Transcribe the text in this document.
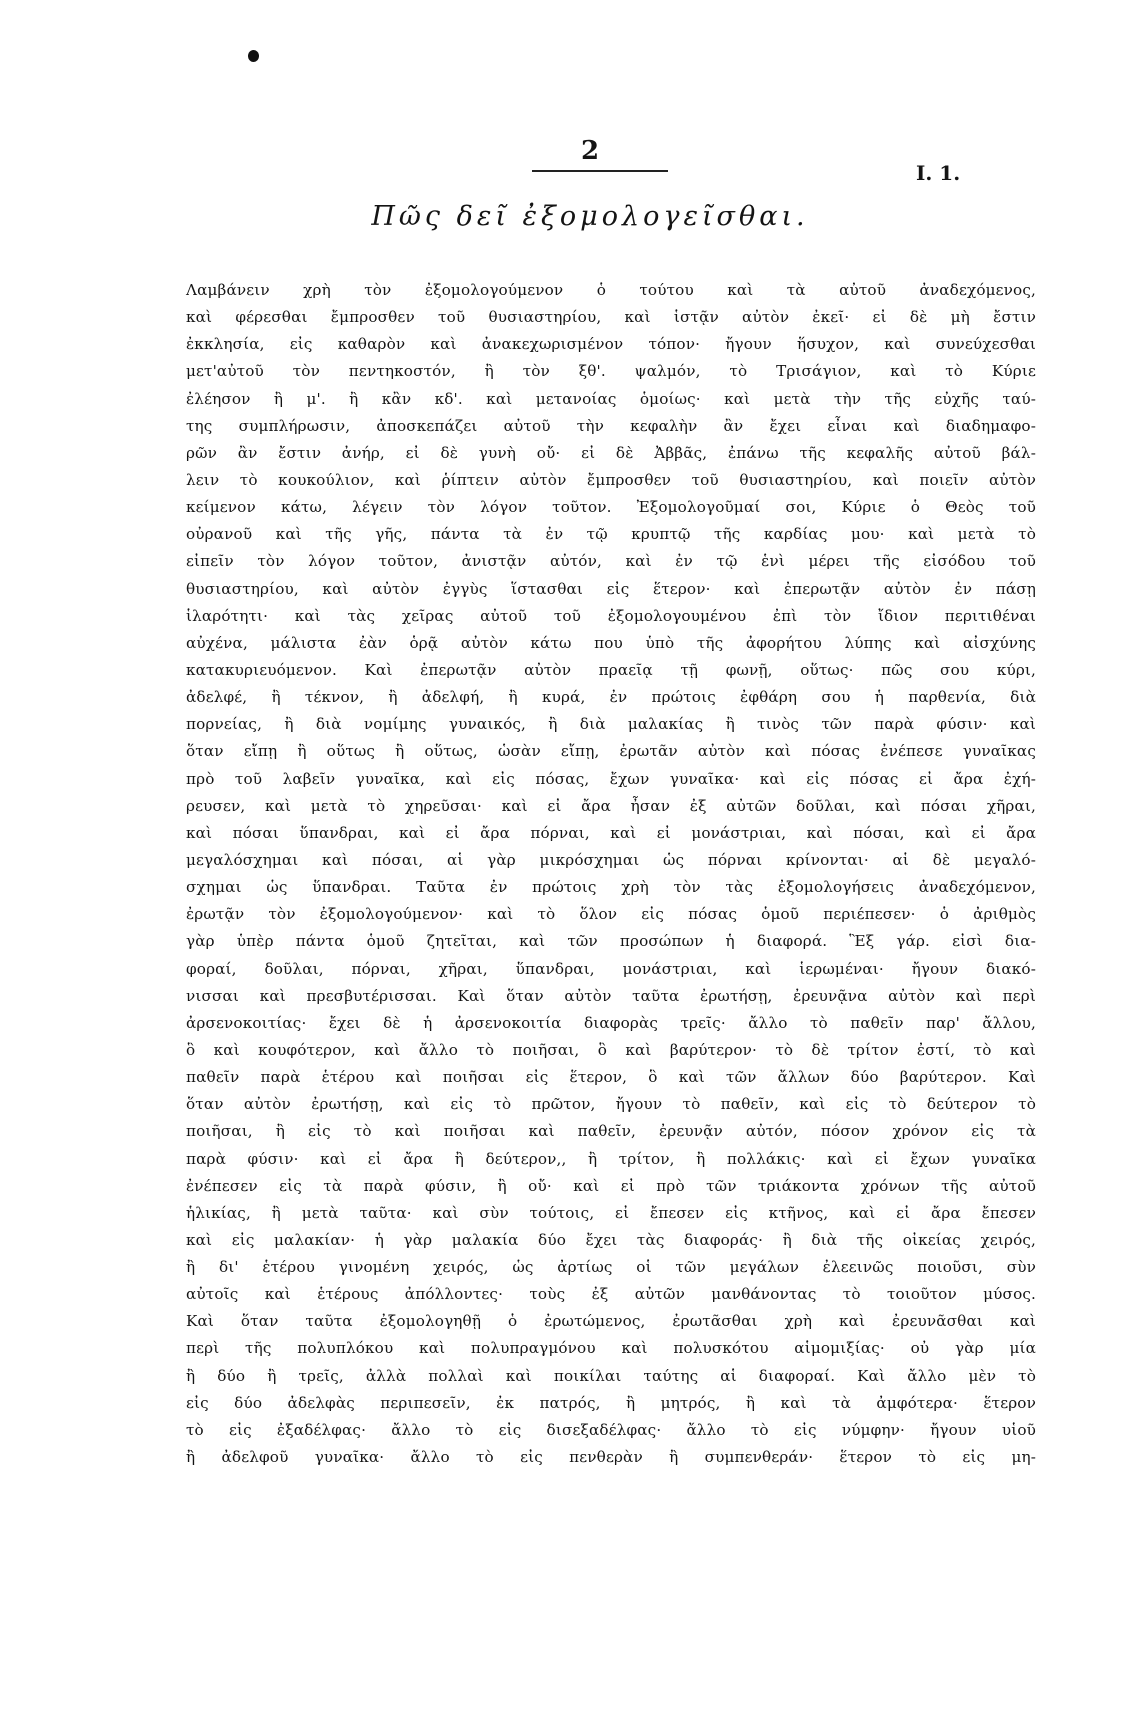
2
I. 1.
Πῶς δεῖ ἐξομολογεῖσθαι.
Λαμβάνειν χρὴ τὸν ἐξομολογούμενον ὁ τούτου καὶ τὰ αὐτοῦ ἀναδεχόμενος,
καὶ φέρεσθαι ἔμπροσθεν τοῦ θυσιαστηρίου, καὶ ἱστᾷν αὐτὸν ἐκεῖ· εἰ δὲ μὴ ἔστιν
ἐκκλησία, εἰς καθαρὸν καὶ ἀνακεχωρισμένον τόπον· ἤγουν ἥσυχον, καὶ συνεύχεσθαι
μετ'αὐτοῦ τὸν πεντηκοστόν, ἢ τὸν ξθ'. ψαλμόν, τὸ Τρισάγιον, καὶ τὸ Κύριε
ἐλέησον ἢ μ'. ἢ κἂν κδ'. καὶ μετανοίας ὁμοίως· καὶ μετὰ τὴν τῆς εὐχῆς ταύ-
της συμπλήρωσιν, ἀποσκεπάζει αὐτοῦ τὴν κεφαλὴν ἂν ἔχει εἶναι καὶ διαδημαφο-
ρῶν ἂν ἔστιν ἀνήρ, εἰ δὲ γυνὴ οὔ· εἰ δὲ Ἀββᾶς, ἐπάνω τῆς κεφαλῆς αὐτοῦ βάλ-
λειν τὸ κουκούλιον, καὶ ῥίπτειν αὐτὸν ἔμπροσθεν τοῦ θυσιαστηρίου, καὶ ποιεῖν αὐτὸν
κείμενον κάτω, λέγειν τὸν λόγον τοῦτον. Ἐξομολογοῦμαί σοι, Κύριε ὁ Θεὸς τοῦ
οὐρανοῦ καὶ τῆς γῆς, πάντα τὰ ἐν τῷ κρυπτῷ τῆς καρδίας μου· καὶ μετὰ τὸ
εἰπεῖν τὸν λόγον τοῦτον, ἀνιστᾷν αὐτόν, καὶ ἐν τῷ ἑνὶ μέρει τῆς εἰσόδου τοῦ
θυσιαστηρίου, καὶ αὐτὸν ἐγγὺς ἵστασθαι εἰς ἕτερον· καὶ ἐπερωτᾷν αὐτὸν ἐν πάσῃ
ἱλαρότητι· καὶ τὰς χεῖρας αὐτοῦ τοῦ ἐξομολογουμένου ἐπὶ τὸν ἴδιον περιτιθέναι
αὐχένα, μάλιστα ἐὰν ὁρᾷ αὐτὸν κάτω που ὑπὸ τῆς ἀφορήτου λύπης καὶ αἰσχύνης
κατακυριευόμενον. Καὶ ἐπερωτᾷν αὐτὸν πραεῖᾳ τῇ φωνῇ, οὕτως· πῶς σου κύρι,
ἀδελφέ, ἢ τέκνον, ἢ ἀδελφή, ἢ κυρά, ἐν πρώτοις ἐφθάρη σου ἡ παρθενία, διὰ
πορνείας, ἢ διὰ νομίμης γυναικός, ἢ διὰ μαλακίας ἢ τινὸς τῶν παρὰ φύσιν· καὶ
ὅταν εἴπῃ ἢ οὕτως ἢ οὕτως, ὡσὰν εἴπῃ, ἐρωτᾶν αὐτὸν καὶ πόσας ἐνέπεσε γυναῖκας
πρὸ τοῦ λαβεῖν γυναῖκα, καὶ εἰς πόσας, ἔχων γυναῖκα· καὶ εἰς πόσας εἰ ἄρα ἐχή-
ρευσεν, καὶ μετὰ τὸ χηρεῦσαι· καὶ εἰ ἄρα ἦσαν ἐξ αὐτῶν δοῦλαι, καὶ πόσαι χῆραι,
καὶ πόσαι ὕπανδραι, καὶ εἰ ἄρα πόρναι, καὶ εἰ μονάστριαι, καὶ πόσαι, καὶ εἰ ἄρα
μεγαλόσχημαι καὶ πόσαι, αἱ γὰρ μικρόσχημαι ὡς πόρναι κρίνονται· αἱ δὲ μεγαλό-
σχημαι ὡς ὕπανδραι. Ταῦτα ἐν πρώτοις χρὴ τὸν τὰς ἐξομολογήσεις ἀναδεχόμενον,
ἐρωτᾷν τὸν ἐξομολογούμενον· καὶ τὸ ὅλον εἰς πόσας ὁμοῦ περιέπεσεν· ὁ ἀριθμὸς
γὰρ ὑπὲρ πάντα ὁμοῦ ζητεῖται, καὶ τῶν προσώπων ἡ διαφορά. Ἓξ γάρ. εἰσὶ δια-
φοραί, δοῦλαι, πόρναι, χῆραι, ὕπανδραι, μονάστριαι, καὶ ἱερωμέναι· ἤγουν διακό-
νισσαι καὶ πρεσβυτέρισσαι. Καὶ ὅταν αὐτὸν ταῦτα ἐρωτήσῃ, ἐρευνᾷνα αὐτὸν καὶ περὶ
ἀρσενοκοιτίας· ἔχει δὲ ἡ ἀρσενοκοιτία διαφορὰς τρεῖς· ἄλλο τὸ παθεῖν παρ' ἄλλου,
ὃ καὶ κουφότερον, καὶ ἄλλο τὸ ποιῆσαι, ὃ καὶ βαρύτερον· τὸ δὲ τρίτον ἐστί, τὸ καὶ
παθεῖν παρὰ ἑτέρου καὶ ποιῆσαι εἰς ἕτερον, ὃ καὶ τῶν ἄλλων δύο βαρύτερον. Καὶ
ὅταν αὐτὸν ἐρωτήσῃ, καὶ εἰς τὸ πρῶτον, ἤγουν τὸ παθεῖν, καὶ εἰς τὸ δεύτερον τὸ
ποιῆσαι, ἢ εἰς τὸ καὶ ποιῆσαι καὶ παθεῖν, ἐρευνᾷν αὐτόν, πόσον χρόνον εἰς τὰ
παρὰ φύσιν· καὶ εἰ ἄρα ἢ δεύτερον,, ἢ τρίτον, ἢ πολλάκις· καὶ εἰ ἔχων γυναῖκα
ἐνέπεσεν εἰς τὰ παρὰ φύσιν, ἢ οὔ· καὶ εἰ πρὸ τῶν τριάκοντα χρόνων τῆς αὐτοῦ
ἡλικίας, ἢ μετὰ ταῦτα· καὶ σὺν τούτοις, εἰ ἔπεσεν εἰς κτῆνος, καὶ εἰ ἄρα ἔπεσεν
καὶ εἰς μαλακίαν· ἡ γὰρ μαλακία δύο ἔχει τὰς διαφοράς· ἢ διὰ τῆς οἰκείας χειρός,
ἢ δι' ἑτέρου γινομένη χειρός, ὡς ἀρτίως οἱ τῶν μεγάλων ἐλεεινῶς ποιοῦσι, σὺν
αὐτοῖς καὶ ἑτέρους ἀπόλλοντες· τοὺς ἐξ αὐτῶν μανθάνοντας τὸ τοιοῦτον μύσος.
Καὶ ὅταν ταῦτα ἐξομολογηθῇ ὁ ἐρωτώμενος, ἐρωτᾶσθαι χρὴ καὶ ἐρευνᾶσθαι καὶ
περὶ τῆς πολυπλόκου καὶ πολυπραγμόνου καὶ πολυσκότου αἱμομιξίας· οὐ γὰρ μία
ἢ δύο ἢ τρεῖς, ἀλλὰ πολλαὶ καὶ ποικίλαι ταύτης αἱ διαφοραί. Καὶ ἄλλο μὲν τὸ
εἰς δύο ἀδελφὰς περιπεσεῖν, ἐκ πατρός, ἢ μητρός, ἢ καὶ τὰ ἀμφότερα· ἕτερον
τὸ εἰς ἐξαδέλφας· ἄλλο τὸ εἰς δισεξαδέλφας· ἄλλο τὸ εἰς νύμφην· ἤγουν υἱοῦ
ἢ ἀδελφοῦ γυναῖκα· ἄλλο τὸ εἰς πενθερὰν ἢ συμπενθεράν· ἕτερον τὸ εἰς μη-
